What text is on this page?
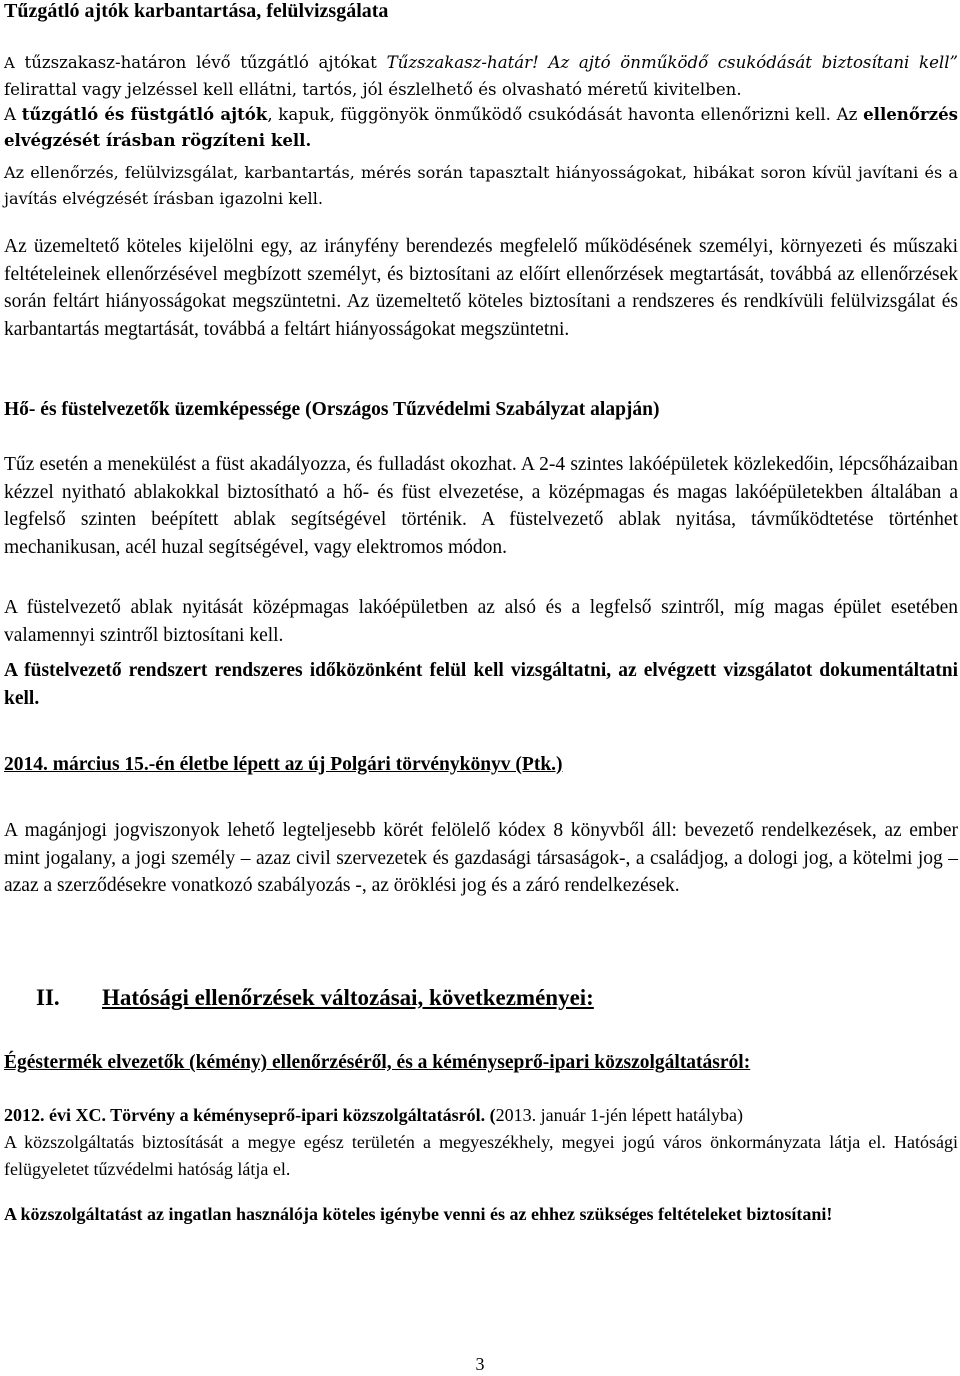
Tűzgátló ajtók karbantartása, felülvizsgálata

A tűzszakasz-határon lévő tűzgátló ajtókat Tűzszakasz-határ! Az ajtó önműködő csukódását biztosítani kell” felirattal vagy jelzéssel kell ellátni, tartós, jól észlelhető és olvasható méretű kivitelben.
A tűzgátló és füstgátló ajtók, kapuk, függönyök önműködő csukódását havonta ellenőrizni kell. Az ellenőrzés elvégzését írásban rögzíteni kell.

Az ellenőrzés, felülvizsgálat, karbantartás, mérés során tapasztalt hiányosságokat, hibákat soron kívül javítani és a javítás elvégzését írásban igazolni kell.

Az üzemeltető köteles kijelölni egy, az irányfény berendezés megfelelő működésének személyi, környezeti és műszaki feltételeinek ellenőrzésével megbízott személyt, és biztosítani az előírt ellenőrzések megtartását, továbbá az ellenőrzések során feltárt hiányosságokat megszüntetni. Az üzemeltető köteles biztosítani a rendszeres és rendkívüli felülvizsgálat és karbantartás megtartását, továbbá a feltárt hiányosságokat megszüntetni.

Hő- és füstelvezetők üzemképessége (Országos Tűzvédelmi Szabályzat alapján)

Tűz esetén a menekülést a füst akadályozza, és fulladást okozhat. A 2-4 szintes lakóépületek közlekedőin, lépcsőházaiban kézzel nyitható ablakokkal biztosítható a hő- és füst elvezetése, a középmagas és magas lakóépületekben általában a legfelső szinten beépített ablak segítségével történik. A füstelvezető ablak nyitása, távműködtetése történhet mechanikusan, acél huzal segítségével, vagy elektromos módon.

A füstelvezető ablak nyitását középmagas lakóépületben az alsó és a legfelső szintről, míg magas épület esetében valamennyi szintről biztosítani kell.

A füstelvezető rendszert rendszeres időközönként felül kell vizsgáltatni, az elvégzett vizsgálatot dokumentáltatni kell.

2014. március 15.-én életbe lépett az új Polgári törvénykönyv (Ptk.)

A magánjogi jogviszonyok lehető legteljesebb körét felölelő kódex 8 könyvből áll: bevezető rendelkezések, az ember mint jogalany, a jogi személy – azaz civil szervezetek és gazdasági társaságok-, a családjog, a dologi jog, a kötelmi jog – azaz a szerződésekre vonatkozó szabályozás -, az öröklési jog és a záró rendelkezések.

II. Hatósági ellenőrzések változásai, következményei:
Égéstermék elvezetők (kémény) ellenőrzéséről, és a kéményseprő-ipari közszolgáltatásról:

2012. évi XC. Törvény a kéményseprő-ipari közszolgáltatásról. (2013. január 1-jén lépett hatályba)
A közszolgáltatás biztosítását a megye egész területén a megyeszékhely, megyei jogú város önkormányzata látja el. Hatósági felügyeletet tűzvédelmi hatóság látja el.

A közszolgáltatást az ingatlan használója köteles igénybe venni és az ehhez szükséges feltételeket biztosítani!

3
